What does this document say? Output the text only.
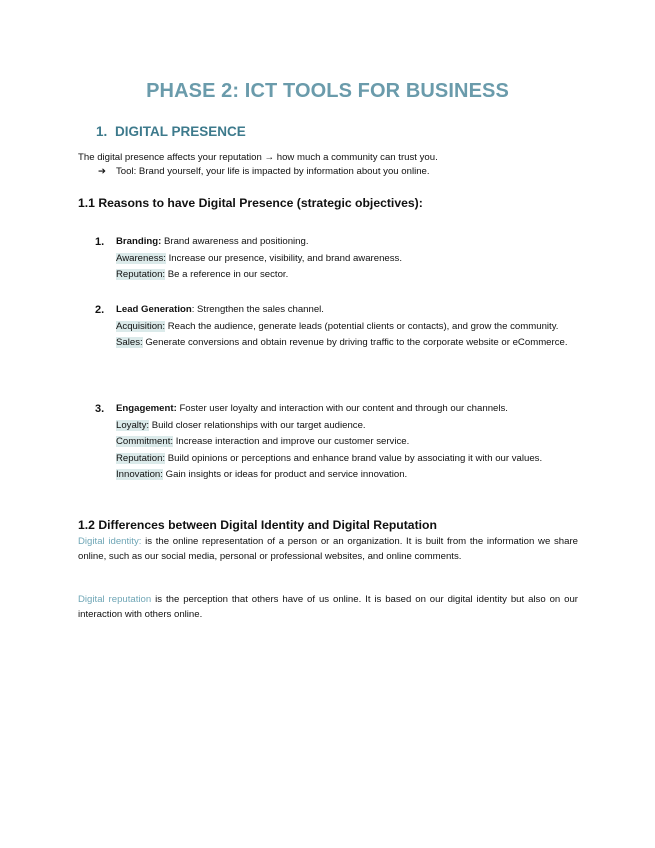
PHASE 2: ICT TOOLS FOR BUSINESS
1. DIGITAL PRESENCE
The digital presence affects your reputation → how much a community can trust you.
➔ Tool: Brand yourself, your life is impacted by information about you online.
1.1 Reasons to have Digital Presence (strategic objectives):
1. Branding: Brand awareness and positioning.
Awareness: Increase our presence, visibility, and brand awareness.
Reputation: Be a reference in our sector.
2. Lead Generation: Strengthen the sales channel.
Acquisition: Reach the audience, generate leads (potential clients or contacts), and grow the community.
Sales: Generate conversions and obtain revenue by driving traffic to the corporate website or eCommerce.
3. Engagement: Foster user loyalty and interaction with our content and through our channels.
Loyalty: Build closer relationships with our target audience.
Commitment: Increase interaction and improve our customer service.
Reputation: Build opinions or perceptions and enhance brand value by associating it with our values.
Innovation: Gain insights or ideas for product and service innovation.
1.2 Differences between Digital Identity and Digital Reputation
Digital identity: is the online representation of a person or an organization. It is built from the information we share online, such as our social media, personal or professional websites, and online comments.
Digital reputation is the perception that others have of us online. It is based on our digital identity but also on our interaction with others online.
